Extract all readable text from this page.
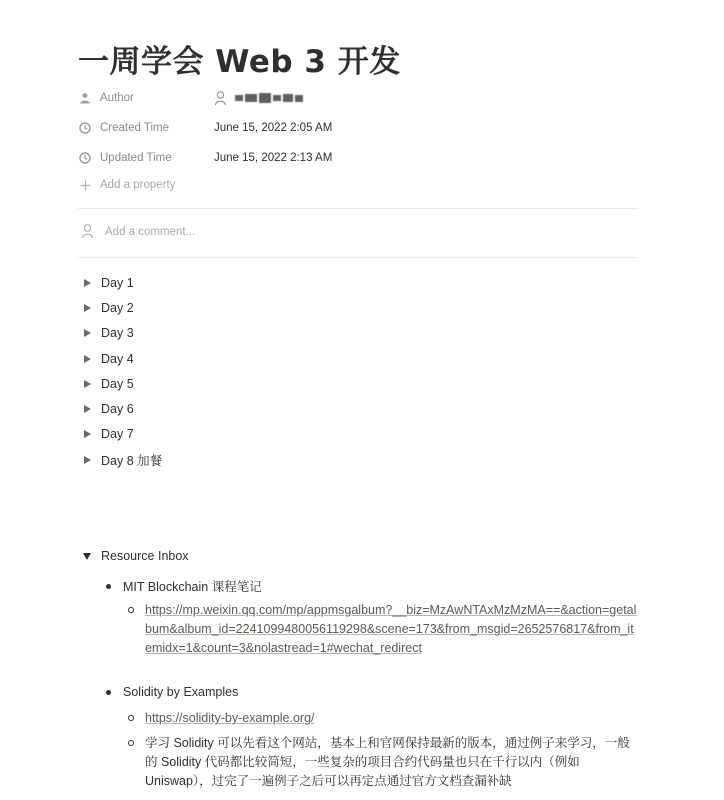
一周学会 Web 3 开发
Author
Created Time	June 15, 2022 2:05 AM
Updated Time	June 15, 2022 2:13 AM
Add a property
Add a comment...
Day 1
Day 2
Day 3
Day 4
Day 5
Day 6
Day 7
Day 8 加餐
Resource Inbox
MIT Blockchain 课程笔记
https://mp.weixin.qq.com/mp/appmsgalbum?__biz=MzAwNTAxMzMzMA==&action=getalbum&album_id=2241099480056119298&scene=173&from_msgid=2652576817&from_itemidx=1&count=3&nolastread=1#wechat_redirect
Solidity by Examples
https://solidity-by-example.org/
学习 Solidity 可以先看这个网站，基本上和官网保持最新的版本，通过例子来学习，一般的 Solidity 代码都比较简短，一些复杂的项目合约代码量也只在千行以内（例如 Uniswap），过完了一遍例子之后可以再定点通过官方文档查漏补缺
